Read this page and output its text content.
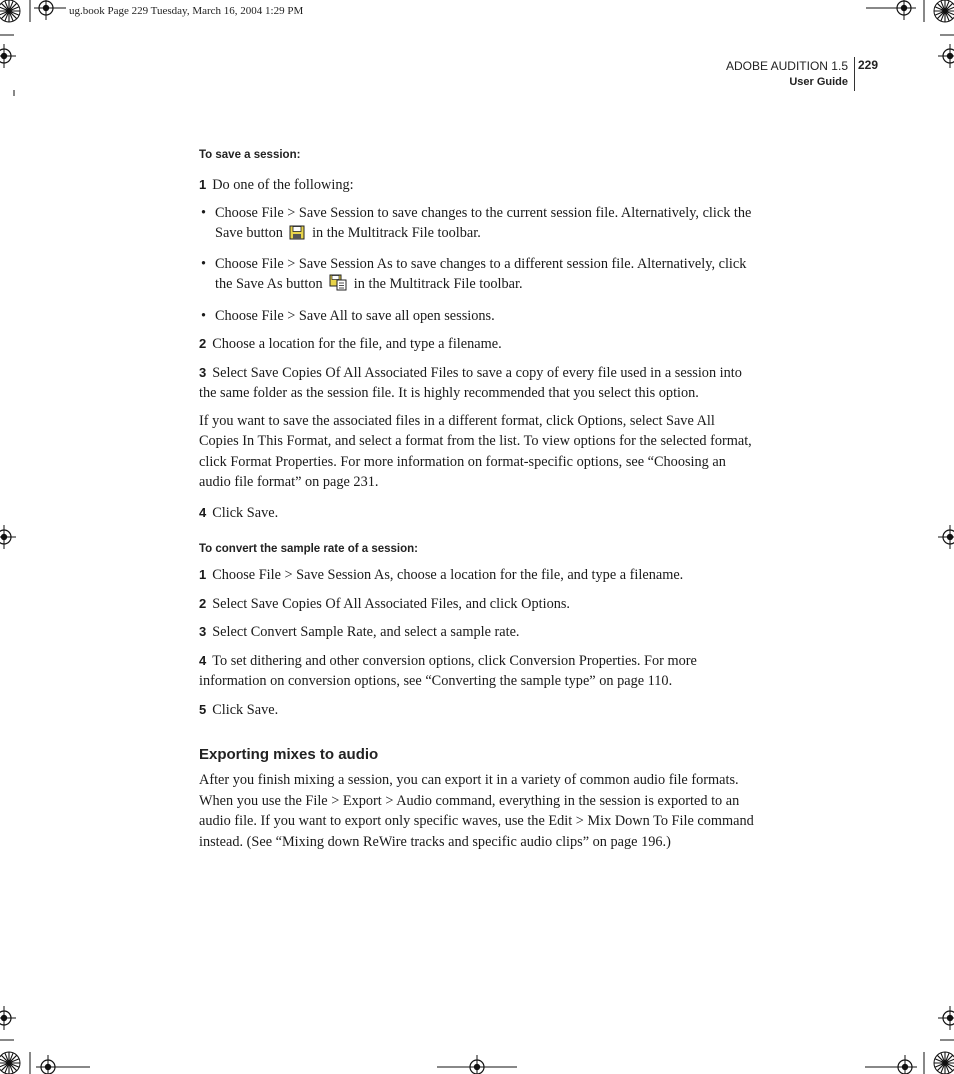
ug.book Page 229 Tuesday, March 16, 2004 1:29 PM
ADOBE AUDITION 1.5
User Guide
229

To save a session:

1 Do one of the following:

• Choose File > Save Session to save changes to the current session file. Alternatively, click the Save button in the Multitrack File toolbar.

• Choose File > Save Session As to save changes to a different session file. Alternatively, click the Save As button in the Multitrack File toolbar.

• Choose File > Save All to save all open sessions.

2 Choose a location for the file, and type a filename.

3 Select Save Copies Of All Associated Files to save a copy of every file used in a session into the same folder as the session file. It is highly recommended that you select this option.

If you want to save the associated files in a different format, click Options, select Save All Copies In This Format, and select a format from the list. To view options for the selected format, click Format Properties. For more information on format-specific options, see “Choosing an audio file format” on page 231.

4 Click Save.

To convert the sample rate of a session:

1 Choose File > Save Session As, choose a location for the file, and type a filename.

2 Select Save Copies Of All Associated Files, and click Options.

3 Select Convert Sample Rate, and select a sample rate.

4 To set dithering and other conversion options, click Conversion Properties. For more information on conversion options, see “Converting the sample type” on page 110.

5 Click Save.

Exporting mixes to audio

After you finish mixing a session, you can export it in a variety of common audio file formats. When you use the File > Export > Audio command, everything in the session is exported to an audio file. If you want to export only specific waves, use the Edit > Mix Down To File command instead. (See “Mixing down ReWire tracks and specific audio clips” on page 196.)
